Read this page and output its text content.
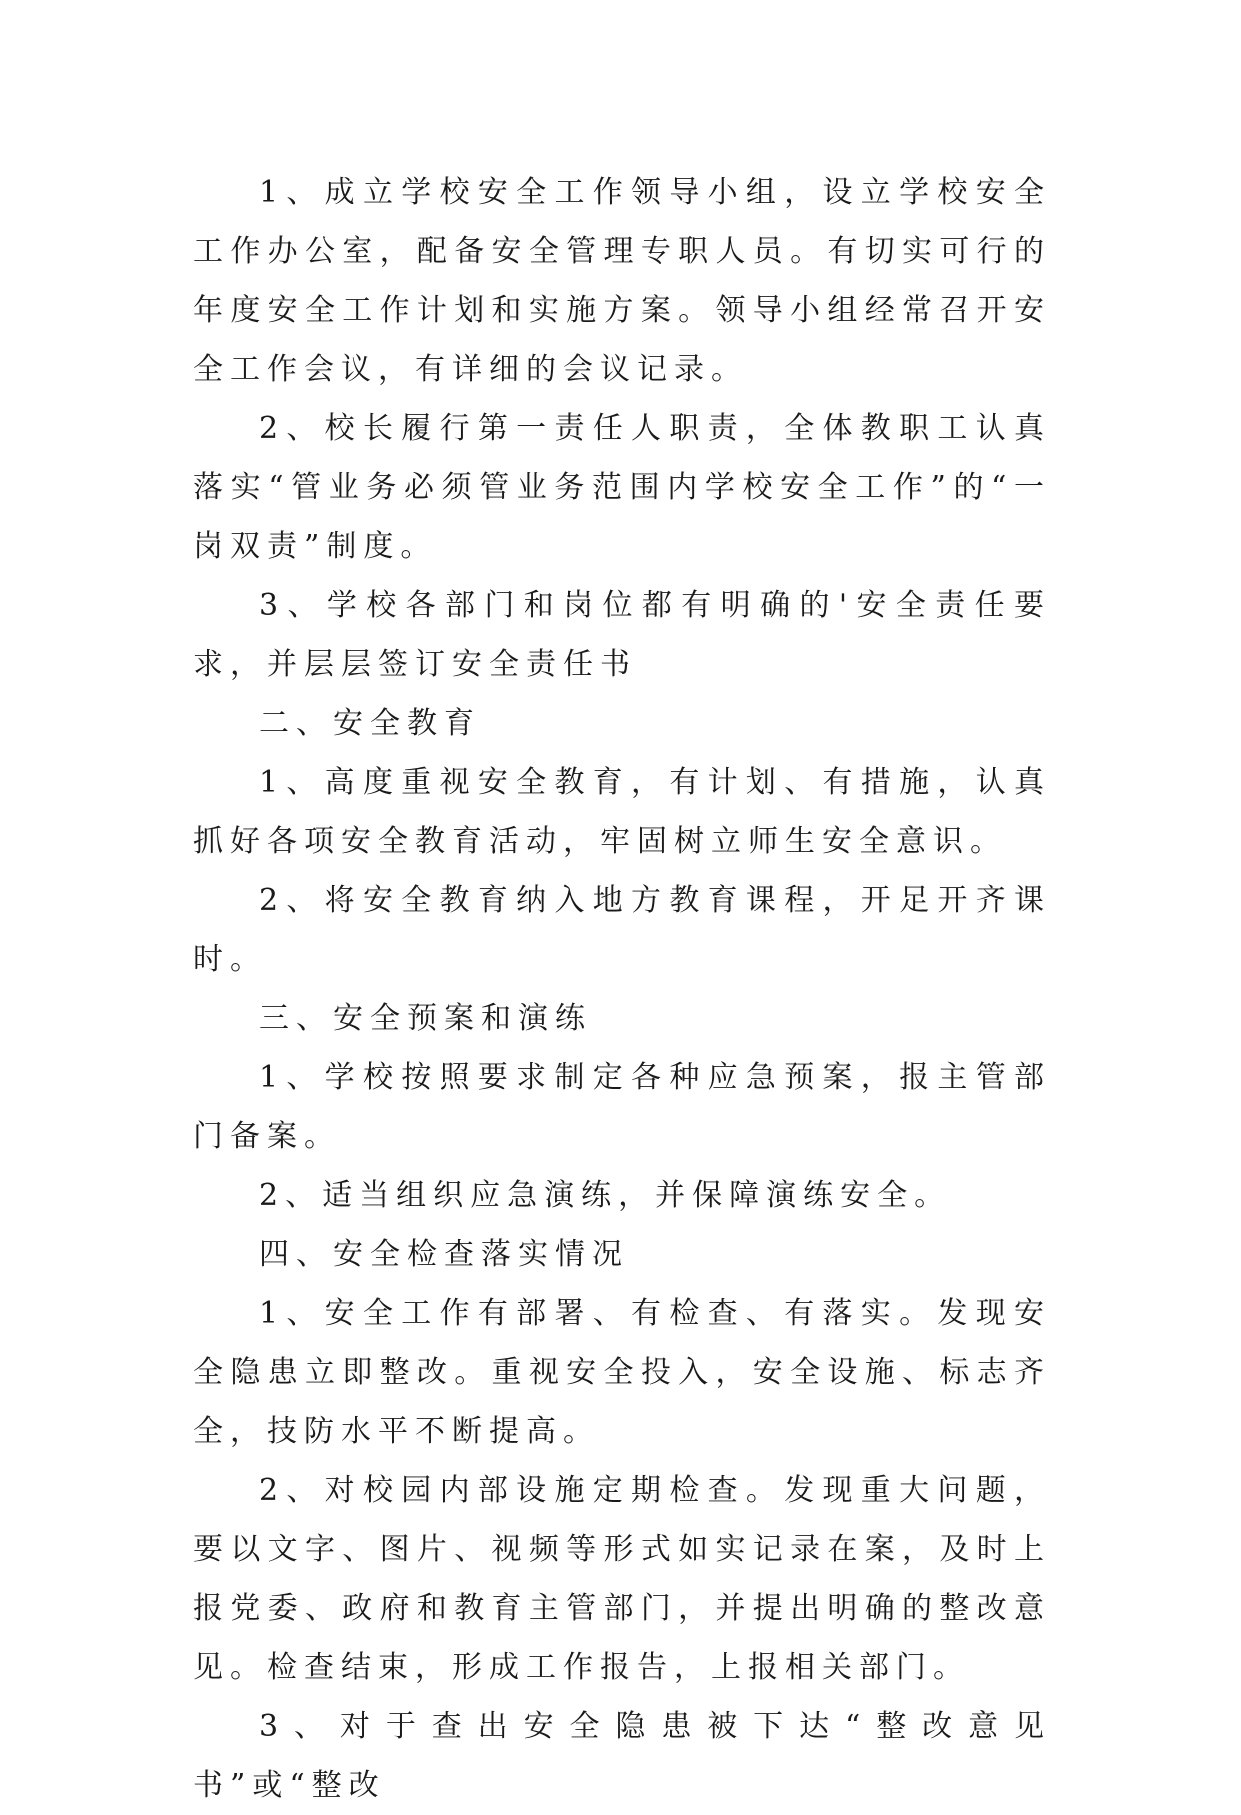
1、成立学校安全工作领导小组，设立学校安全工作办公室，配备安全管理专职人员。有切实可行的年度安全工作计划和实施方案。领导小组经常召开安全工作会议，有详细的会议记录。

2、校长履行第一责任人职责，全体教职工认真落实“管业务必须管业务范围内学校安全工作”的“一岗双责”制度。

3、学校各部门和岗位都有明确的'安全责任要求，并层层签订安全责任书

二、安全教育

1、高度重视安全教育，有计划、有措施，认真抓好各项安全教育活动，牢固树立师生安全意识。

2、将安全教育纳入地方教育课程，开足开齐课时。

三、安全预案和演练

1、学校按照要求制定各种应急预案，报主管部门备案。

2、适当组织应急演练，并保障演练安全。

四、安全检查落实情况

1、安全工作有部署、有检查、有落实。发现安全隐患立即整改。重视安全投入，安全设施、标志齐全，技防水平不断提高。

2、对校园内部设施定期检查。发现重大问题，要以文字、图片、视频等形式如实记录在案，及时上报党委、政府和教育主管部门，并提出明确的整改意见。检查结束，形成工作报告，上报相关部门。

3、对于查出安全隐患被下达“整改意见书”或“整改
